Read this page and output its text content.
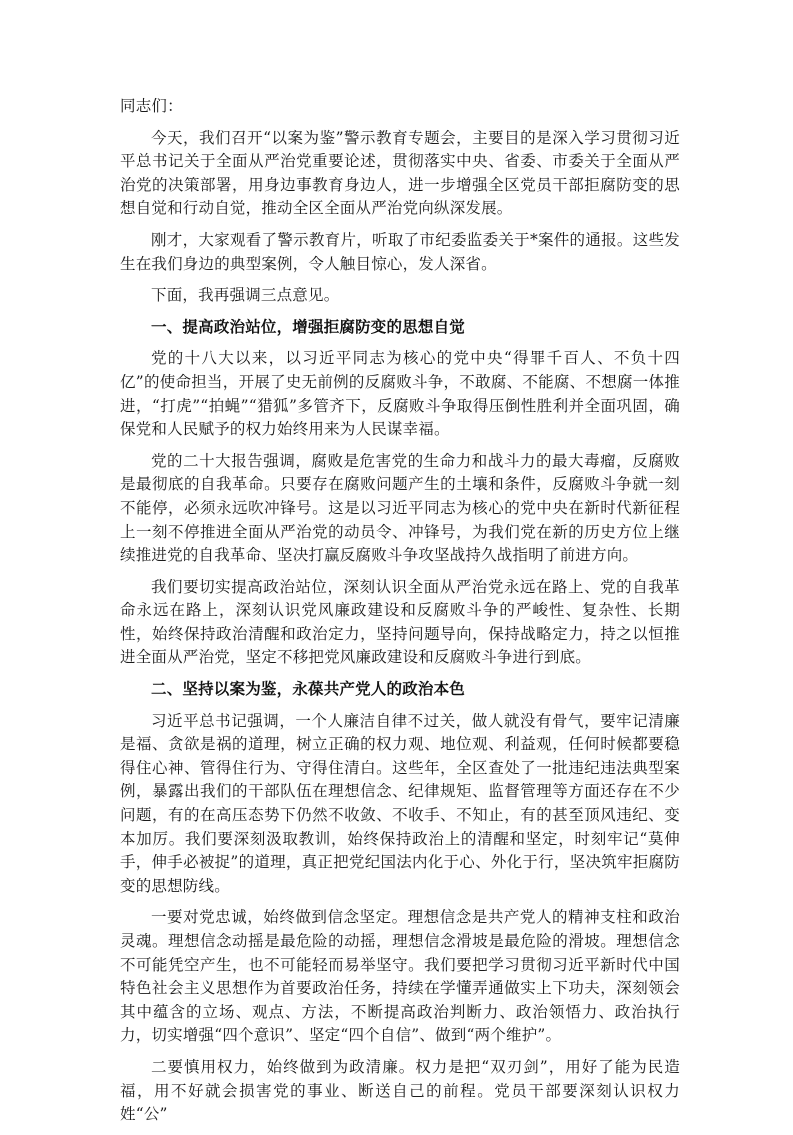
同志们：

今天，我们召开“以案为鉴”警示教育专题会，主要目的是深入学习贯彻习近平总书记关于全面从严治党重要论述，贯彻落实中央、省委、市委关于全面从严治党的决策部署，用身边事教育身边人，进一步增强全区党员干部拒腐防变的思想自觉和行动自觉，推动全区全面从严治党向纵深发展。

刚才，大家观看了警示教育片，听取了市纪委监委关于*案件的通报。这些发生在我们身边的典型案例，令人触目惊心，发人深省。

下面，我再强调三点意见。

一、提高政治站位，增强拒腐防变的思想自觉

党的十八大以来，以习近平同志为核心的党中央“得罪千百人、不负十四亿”的使命担当，开展了史无前例的反腐败斗争，不敢腐、不能腐、不想腐一体推进，“打虎”“拍蝇”“猎狐”多管齐下，反腐败斗争取得压倒性胜利并全面巩固，确保党和人民赋予的权力始终用来为人民谋幸福。

党的二十大报告强调，腐败是危害党的生命力和战斗力的最大毒瘤，反腐败是最彻底的自我革命。只要存在腐败问题产生的土壤和条件，反腐败斗争就一刻不能停，必须永远吹冲锋号。这是以习近平同志为核心的党中央在新时代新征程上一刻不停推进全面从严治党的动员令、冲锋号，为我们党在新的历史方位上继续推进党的自我革命、坚决打赢反腐败斗争攻坚战持久战指明了前进方向。

我们要切实提高政治站位，深刻认识全面从严治党永远在路上、党的自我革命永远在路上，深刻认识党风廉政建设和反腐败斗争的严峻性、复杂性、长期性，始终保持政治清醒和政治定力，坚持问题导向，保持战略定力，持之以恒推进全面从严治党，坚定不移把党风廉政建设和反腐败斗争进行到底。

二、坚持以案为鉴，永葆共产党人的政治本色

习近平总书记强调，一个人廉洁自律不过关，做人就没有骨气，要牢记清廉是福、贪欲是祸的道理，树立正确的权力观、地位观、利益观，任何时候都要稳得住心神、管得住行为、守得住清白。这些年，全区查处了一批违纪违法典型案例，暴露出我们的干部队伍在理想信念、纪律规矩、监督管理等方面还存在不少问题，有的在高压态势下仍然不收敛、不收手、不知止，有的甚至顶风违纪、变本加厉。我们要深刻汲取教训，始终保持政治上的清醒和坚定，时刻牢记“莫伸手，伸手必被捉”的道理，真正把党纪国法内化于心、外化于行，坚决筑牢拒腐防变的思想防线。

一要对党忠诚，始终做到信念坚定。理想信念是共产党人的精神支柱和政治灵魂。理想信念动摇是最危险的动摇，理想信念滑坡是最危险的滑坡。理想信念不可能凭空产生，也不可能轻而易举坚守。我们要把学习贯彻习近平新时代中国特色社会主义思想作为首要政治任务，持续在学懂弄通做实上下功夫，深刻领会其中蕴含的立场、观点、方法，不断提高政治判断力、政治领悟力、政治执行力，切实增强“四个意识”、坚定“四个自信”、做到“两个维护”。

二要慎用权力，始终做到为政清廉。权力是把“双刃剑”，用好了能为民造福，用不好就会损害党的事业、断送自己的前程。党员干部要深刻认识权力姓“公”
